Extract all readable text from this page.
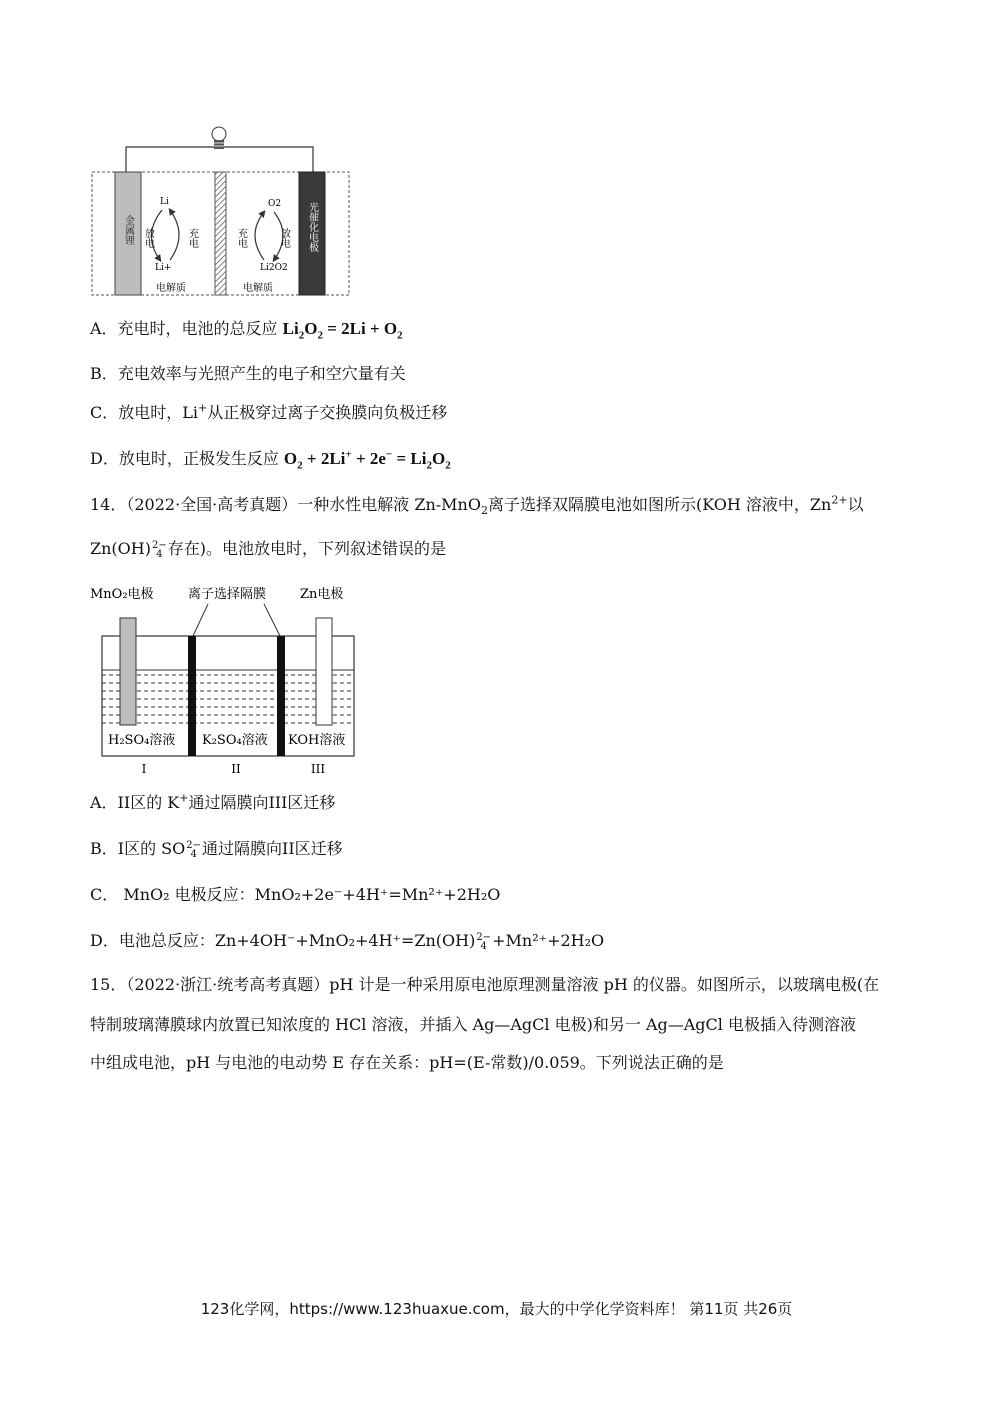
金属锂	光催化电极
Li
Li+
放电	充电
O2
Li2O2
充电	放电
电解质	电解质
A．充电时，电池的总反应 $Li_2O_2 = 2Li + O_2$
B．充电效率与光照产生的电子和空穴量有关
C．放电时，Li+从正极穿过离子交换膜向负极迁移
D．放电时，正极发生反应 $O_2 + 2Li^+ + 2e^- = Li_2O_2$
14．（2022·全国·高考真题）一种水性电解液 Zn-MnO$_2$离子选择双隔膜电池如图所示(KOH 溶液中，$Zn^{2+}$以
Zn(OH) 2−
4 存在)。电池放电时，下列叙述错误的是
MnO₂电极	离子选择隔膜	Zn电极
H₂SO₄溶液 K₂SO₄溶液 KOH溶液
I	II	III
A．II区的 K+通过隔膜向III区迁移
B．I区的 SO 2−
4 通过隔膜向II区迁移
C． MnO₂ 电极反应：MnO₂+2e⁻+4H⁺=Mn²⁺+2H₂O
D．电池总反应：Zn+4OH⁻+MnO₂+4H⁺=Zn(OH) 2−
4 +Mn²⁺+2H₂O
15．（2022·浙江·统考高考真题）pH 计是一种采用原电池原理测量溶液 pH 的仪器。如图所示，以玻璃电极(在
特制玻璃薄膜球内放置已知浓度的 HCl 溶液，并插入 Ag—AgCl 电极)和另一 Ag—AgCl 电极插入待测溶液
中组成电池，pH 与电池的电动势 E 存在关系：pH=(E-常数)/0.059。下列说法正确的是
123化学网，https://www.123huaxue.com，最大的中学化学资料库！ 第11页 共26页
